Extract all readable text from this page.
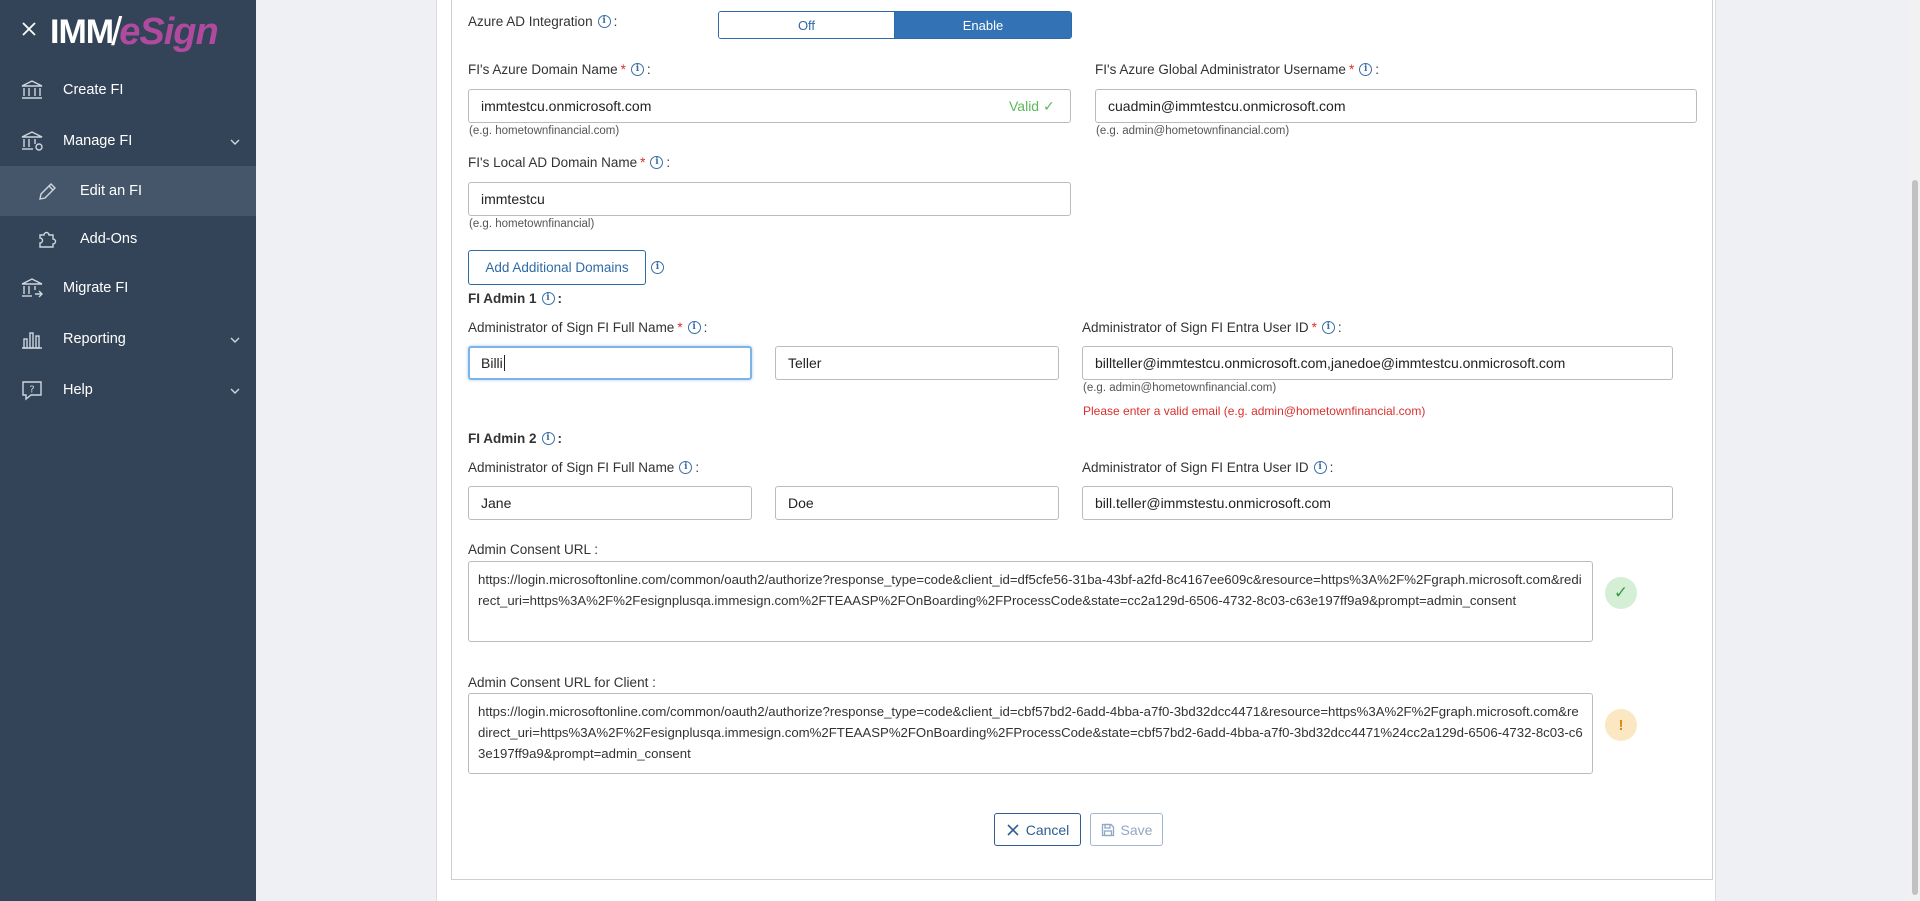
IMM
/
eSign
Create FI
Manage FI
Edit an FI
Add-Ons
Migrate FI
Reporting
? Help
Azure AD Integration	i :	Off	Enable
FI's Azure Domain Name *	i :
immtestcu.onmicrosoft.com	Valid ✓
(e.g. hometownfinancial.com)
FI's Azure Global Administrator Username *	i :
cuadmin@immtestcu.onmicrosoft.com
(e.g. admin@hometownfinancial.com)
FI's Local AD Domain Name *	i :
immtestcu
(e.g. hometownfinancial)
Add Additional Domains	i
FI Admin 1	i :
Administrator of Sign FI Full Name *	i :
Billi	Teller
Administrator of Sign FI Entra User ID *	i :
billteller@immtestcu.onmicrosoft.com,janedoe@immtestcu.onmicrosoft.com
(e.g. admin@hometownfinancial.com)
Please enter a valid email (e.g. admin@hometownfinancial.com)
FI Admin 2	i :
Administrator of Sign FI Full Name	i :
Jane	Doe
Administrator of Sign FI Entra User ID	i :
bill.teller@immstestu.onmicrosoft.com
Admin Consent URL :
https://login.microsoftonline.com/common/oauth2/authorize?response_type=code&client_id=df5cfe56-31ba-43bf-a2fd-8c4167ee609c&resource=https%3A%2F%2Fgraph.microsoft.com&redirect_uri=https%3A%2F%2Fesignplusqa.immesign.com%2FTEAASP%2FOnBoarding%2FProcessCode&state=cc2a129d-6506-4732-8c03-c63e197ff9a9&prompt=admin_consent	✓
Admin Consent URL for Client :
https://login.microsoftonline.com/common/oauth2/authorize?response_type=code&client_id=cbf57bd2-6add-4bba-a7f0-3bd32dcc4471&resource=https%3A%2F%2Fgraph.microsoft.com&redirect_uri=https%3A%2F%2Fesignplusqa.immesign.com%2FTEAASP%2FOnBoarding%2FProcessCode&state=cbf57bd2-6add-4bba-a7f0-3bd32dcc4471%24cc2a129d-6506-4732-8c03-c63e197ff9a9&prompt=admin_consent
!
Cancel	Save
